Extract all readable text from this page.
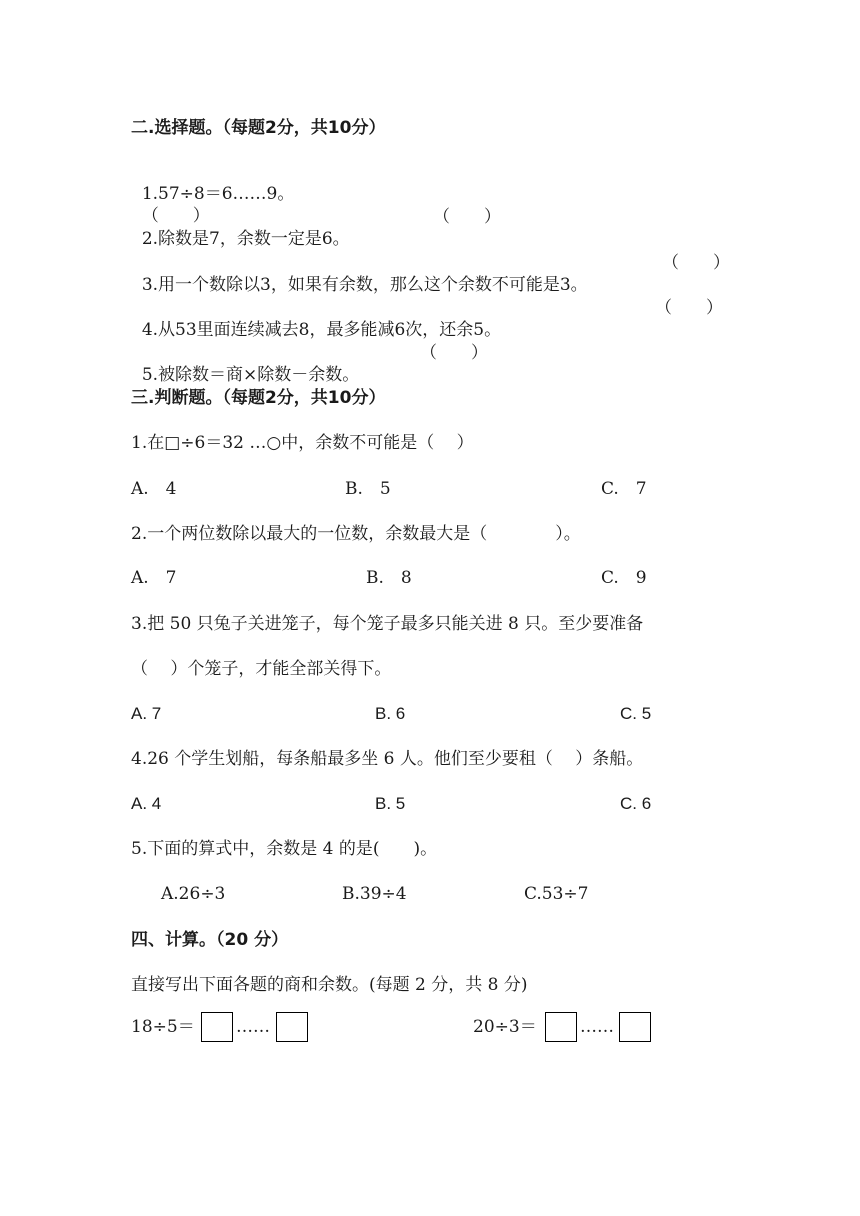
二.选择题。（每题2分，共10分）

1.57÷8＝6……9。
（　　）

2.除数是7，余数一定是6。

（　　）

3.用一个数除以3，如果有余数，那么这个余数不可能是3。

（　　）

4.从53里面连续减去8，最多能减6次，还余5。

（　　）

5.被除数＝商×除数－余数。

（　　）
三.判断题。（每题2分，共10分）
1.在□÷6＝32 …○中，余数不可能是（　 ）
A.　4	B.　5	C.　7
2.一个两位数除以最大的一位数，余数最大是（　　　　）。
A.　7	B.　8	C.　9
3.把 50 只兔子关进笼子，每个笼子最多只能关进 8 只。至少要准备
（　 ）个笼子，才能全部关得下。
A. 7	B. 6	C. 5
4.26 个学生划船，每条船最多坐 6 人。他们至少要租（　 ）条船。
A. 4	B. 5	C. 6
5.下面的算式中，余数是 4 的是(　　)。
A.26÷3	B.39÷4	C.53÷7
四、计算。（20 分）
直接写出下面各题的商和余数。(每题 2 分，共 8 分)
18÷5＝ ……	20÷3＝	……
